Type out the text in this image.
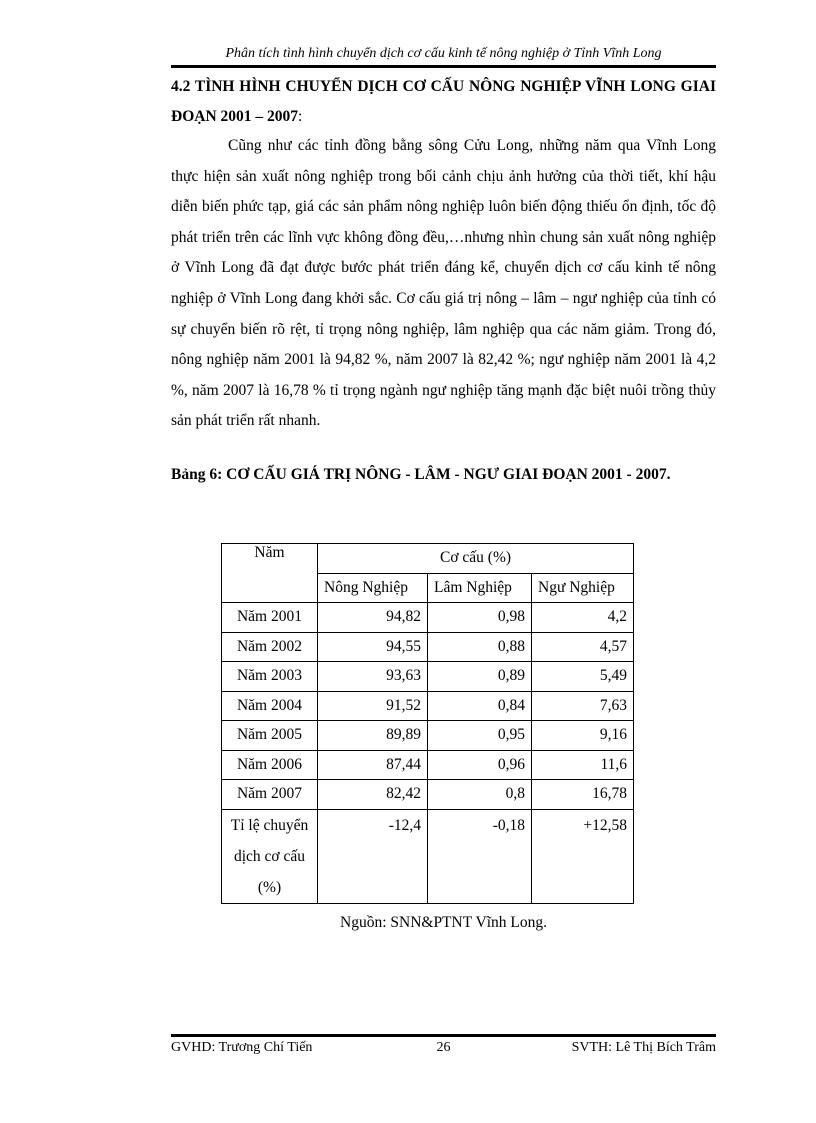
Phân tích tình hình chuyển dịch cơ cấu kinh tế nông nghiệp ở Tỉnh Vĩnh Long
4.2 TÌNH HÌNH CHUYỂN DỊCH CƠ CẤU NÔNG NGHIỆP VĨNH LONG GIAI ĐOẠN 2001 – 2007:

Cũng như các tỉnh đồng bằng sông Cửu Long, những năm qua Vĩnh Long thực hiện sản xuất nông nghiệp trong bối cảnh chịu ảnh hưởng của thời tiết, khí hậu diễn biến phức tạp, giá các sản phẩm nông nghiệp luôn biến động thiếu ổn định, tốc độ phát triển trên các lĩnh vực không đồng đều,…nhưng nhìn chung sản xuất nông nghiệp ở Vĩnh Long đã đạt được bước phát triển đáng kể, chuyển dịch cơ cấu kinh tế nông nghiệp ở Vĩnh Long đang khởi sắc. Cơ cấu giá trị nông – lâm – ngư nghiệp của tỉnh có sự chuyển biến rõ rệt, tỉ trọng nông nghiệp, lâm nghiệp qua các năm giảm. Trong đó, nông nghiệp năm 2001 là 94,82 %, năm 2007 là 82,42 %; ngư nghiệp năm 2001 là 4,2 %, năm 2007 là 16,78 % tỉ trọng ngành ngư nghiệp tăng mạnh đặc biệt nuôi trồng thủy sản phát triển rất nhanh.

Bảng 6: CƠ CẤU GIÁ TRỊ NÔNG - LÂM - NGƯ GIAI ĐOẠN 2001 - 2007.
Năm	Cơ cấu (%)		
	Nông Nghiệp	Lâm Nghiệp	Ngư Nghiệp
Năm 2001	94,82	0,98	4,2
Năm 2002	94,55	0,88	4,57
Năm 2003	93,63	0,89	5,49
Năm 2004	91,52	0,84	7,63
Năm 2005	89,89	0,95	9,16
Năm 2006	87,44	0,96	11,6
Năm 2007	82,42	0,8	16,78
Tỉ lệ chuyển dịch cơ cấu (%)	-12,4	-0,18	+12,58
Nguồn: SNN&PTNT Vĩnh Long.
GVHD: Trương Chí Tiến	26	SVTH: Lê Thị Bích Trâm
